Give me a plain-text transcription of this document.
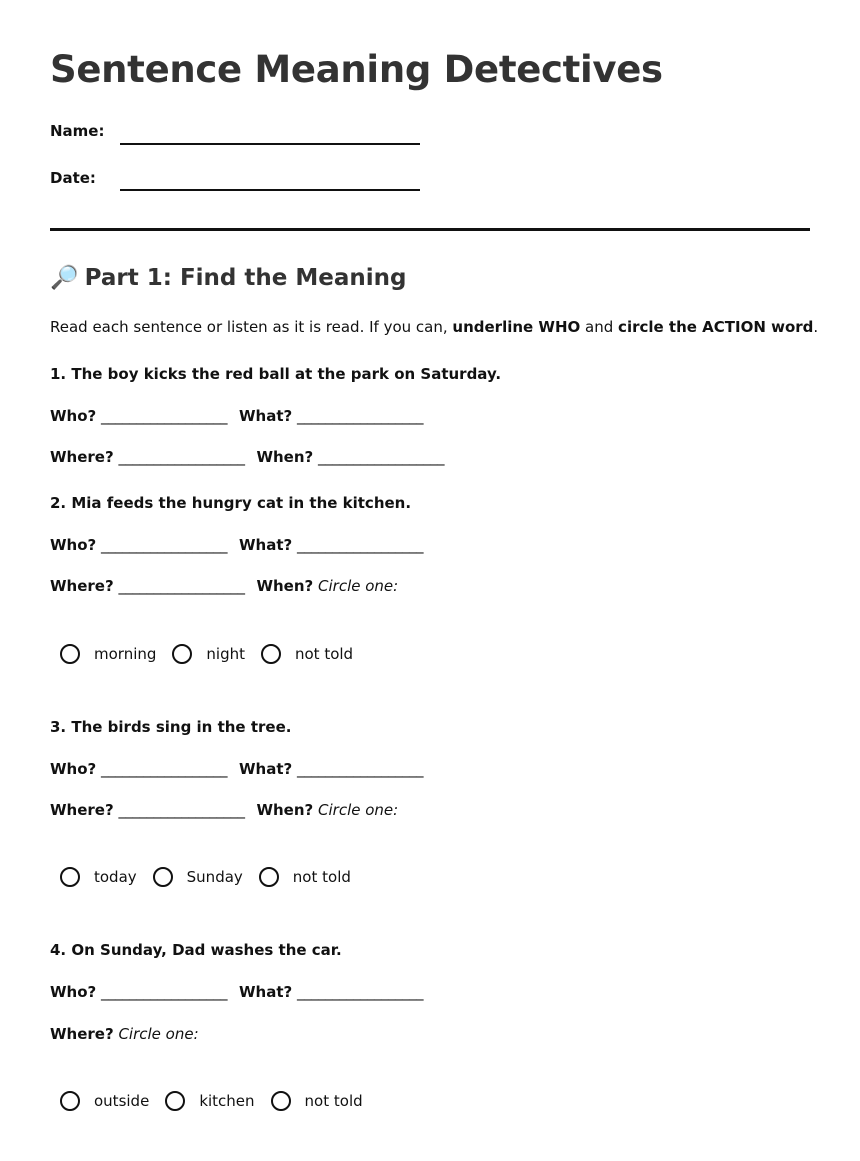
Sentence Meaning Detectives
Name:
Date:
🔎 Part 1: Find the Meaning
Read each sentence or listen as it is read. If you can, underline WHO and circle the ACTION word.
1. The boy kicks the red ball at the park on Saturday.
Who? __________________ What? __________________
Where? __________________ When? __________________
2. Mia feeds the hungry cat in the kitchen.
Who? __________________ What? __________________
Where? __________________ When? Circle one:
morning	night	not told
3. The birds sing in the tree.
Who? __________________ What? __________________
Where? __________________ When? Circle one:
today	Sunday	not told
4. On Sunday, Dad washes the car.
Who? __________________ What? __________________
Where? Circle one:
outside	kitchen	not told
